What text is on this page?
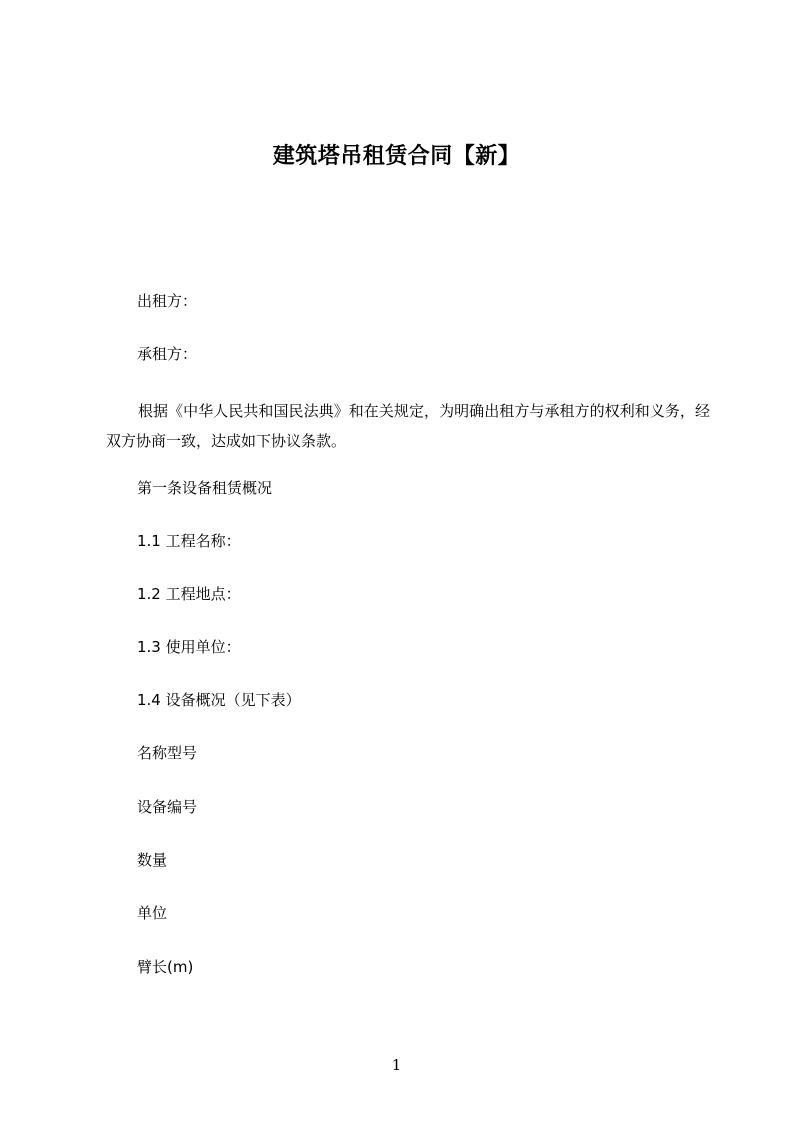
建筑塔吊租赁合同【新】
出租方：
承租方：
根据《中华人民共和国民法典》和在关规定，为明确出租方与承租方的权利和义务，经双方协商一致，达成如下协议条款。
第一条设备租赁概况
1.1 工程名称：
1.2 工程地点：
1.3 使用单位：
1.4 设备概况（见下表）
名称型号
设备编号
数量
单位
臂长(m)
1
